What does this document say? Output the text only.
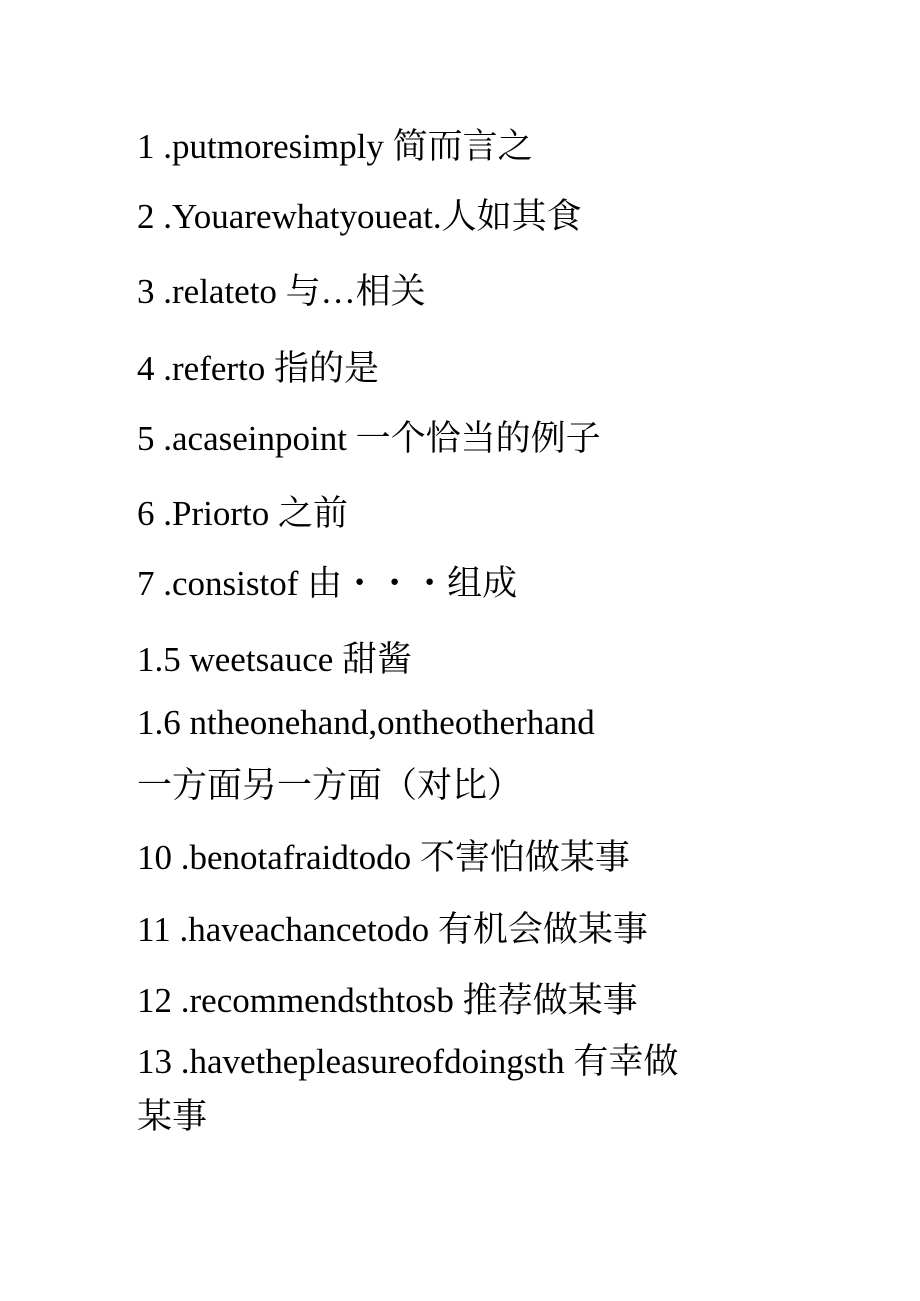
1 .putmoresimply 简而言之
2 .Youarewhatyoueat.人如其食
3 .relateto 与…相关
4 .referto 指的是
5 .acaseinpoint 一个恰当的例子
6 .Priorto 之前
7 .consistof 由・・・组成
1.5 weetsauce 甜酱
1.6 ntheonehand,ontheotherhand
一方面另一方面（对比）
10 .benotafraidtodo 不害怕做某事
11 .haveachancetodo 有机会做某事
12 .recommendsthtosb 推荐做某事
13 .havethepleasureofdoingsth 有幸做
某事
